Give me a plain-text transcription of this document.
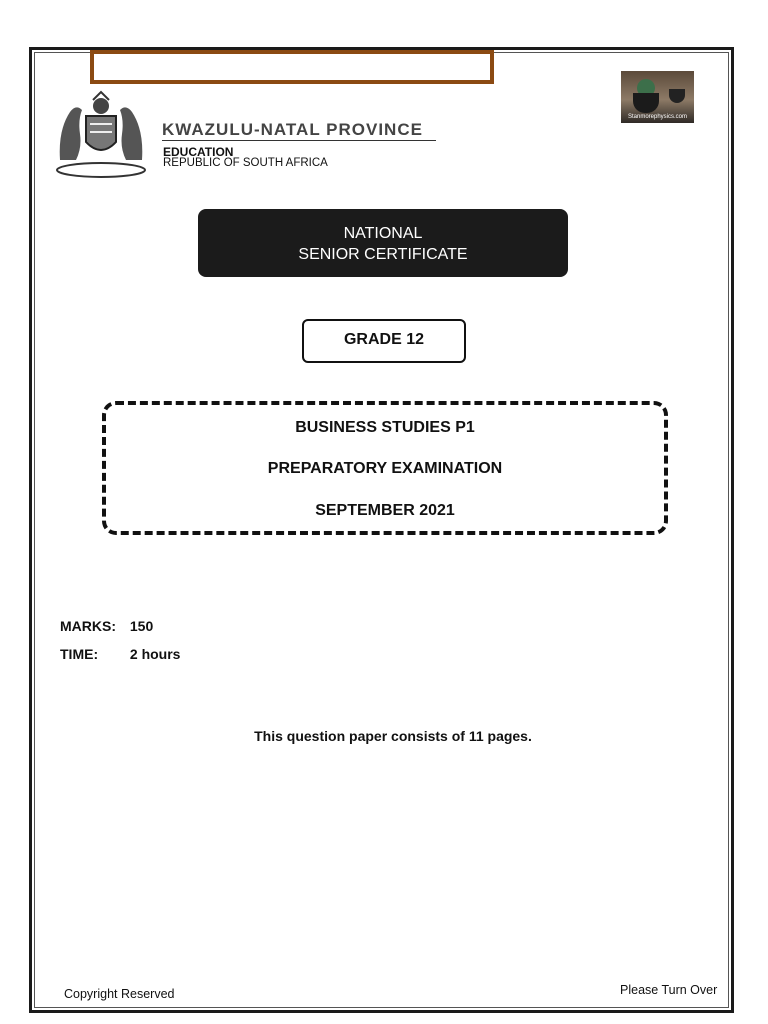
KWAZULU-NATAL PROVINCE
EDUCATION
REPUBLIC OF SOUTH AFRICA
Stanmorephysics.com
NATIONAL
SENIOR CERTIFICATE
GRADE 12
BUSINESS STUDIES P1
PREPARATORY EXAMINATION
SEPTEMBER 2021
MARKS: 150
TIME: 2 hours
This question paper consists of 11 pages.
Copyright Reserved	Please Turn Over
